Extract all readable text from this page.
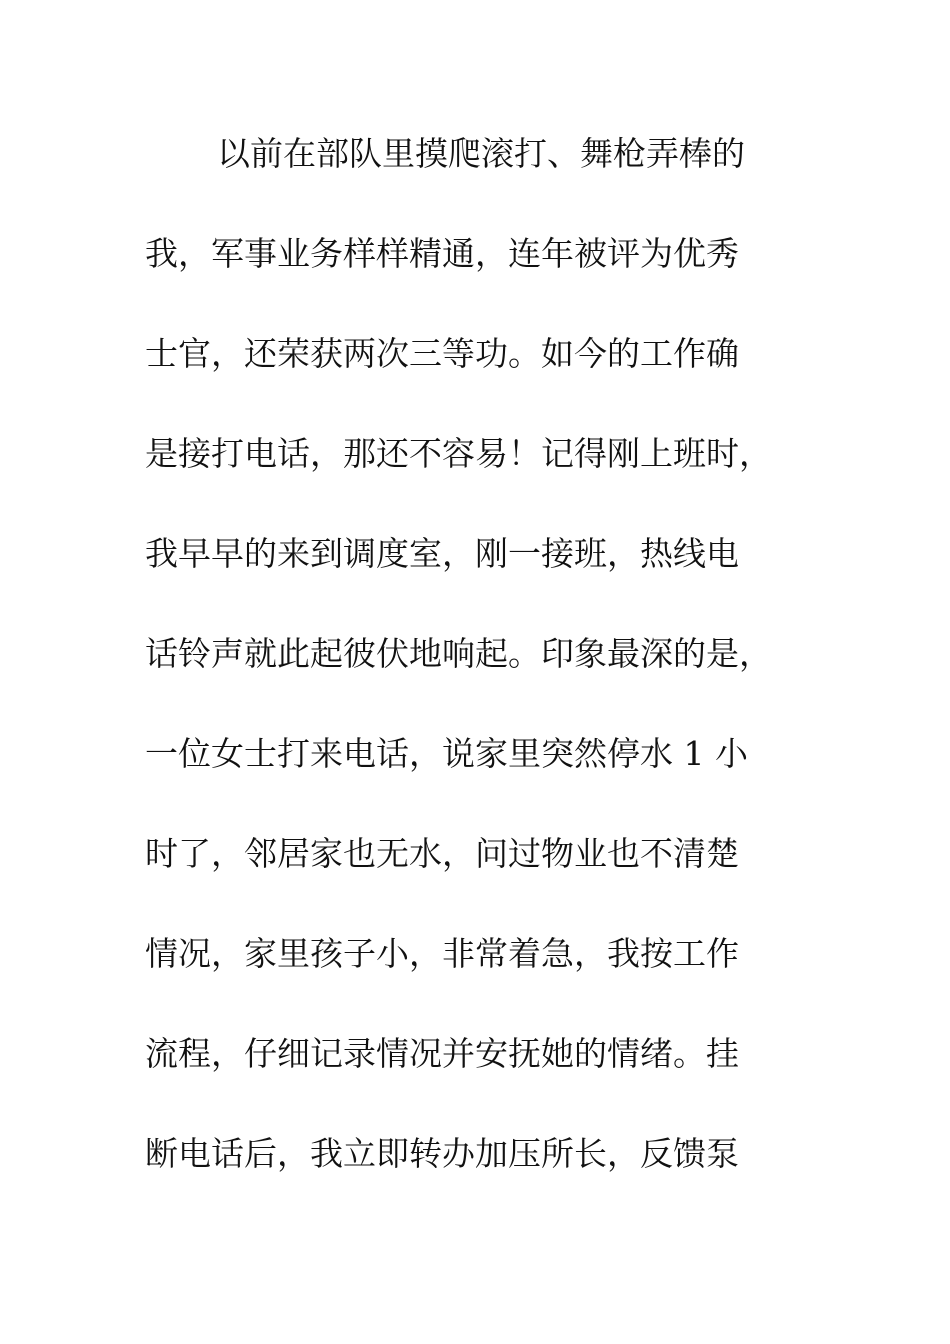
以前在部队里摸爬滚打、舞枪弄棒的
我，军事业务样样精通，连年被评为优秀
士官，还荣获两次三等功。如今的工作确
是接打电话，那还不容易！记得刚上班时，
我早早的来到调度室，刚一接班，热线电
话铃声就此起彼伏地响起。印象最深的是，
一位女士打来电话，说家里突然停水 1 小
时了，邻居家也无水，问过物业也不清楚
情况，家里孩子小，非常着急，我按工作
流程，仔细记录情况并安抚她的情绪。挂
断电话后，我立即转办加压所长，反馈泵
